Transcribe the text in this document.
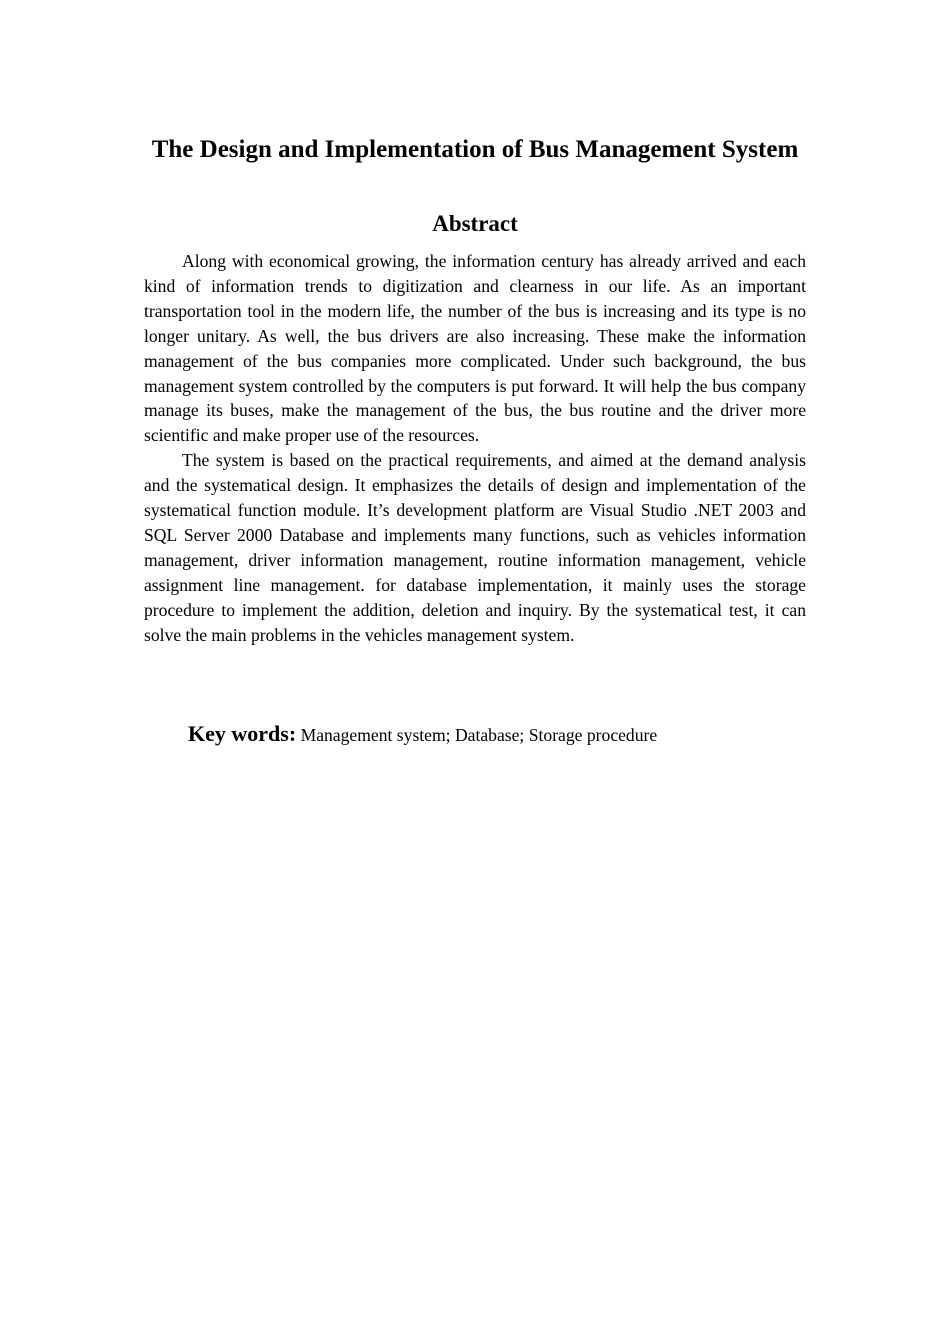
The Design and Implementation of Bus Management System
Abstract

Along with economical growing, the information century has already arrived and each kind of information trends to digitization and clearness in our life. As an important transportation tool in the modern life, the number of the bus is increasing and its type is no longer unitary. As well, the bus drivers are also increasing. These make the information management of the bus companies more complicated. Under such background, the bus management system controlled by the computers is put forward. It will help the bus company manage its buses, make the management of the bus, the bus routine and the driver more scientific and make proper use of the resources.

The system is based on the practical requirements, and aimed at the demand analysis and the systematical design. It emphasizes the details of design and implementation of the systematical function module. It’s development platform are Visual Studio .NET 2003 and SQL Server 2000 Database and implements many functions, such as vehicles information management, driver information management, routine information management, vehicle assignment line management. for database implementation, it mainly uses the storage procedure to implement the addition, deletion and inquiry. By the systematical test, it can solve the main problems in the vehicles management system.

Key words: Management system; Database; Storage procedure
